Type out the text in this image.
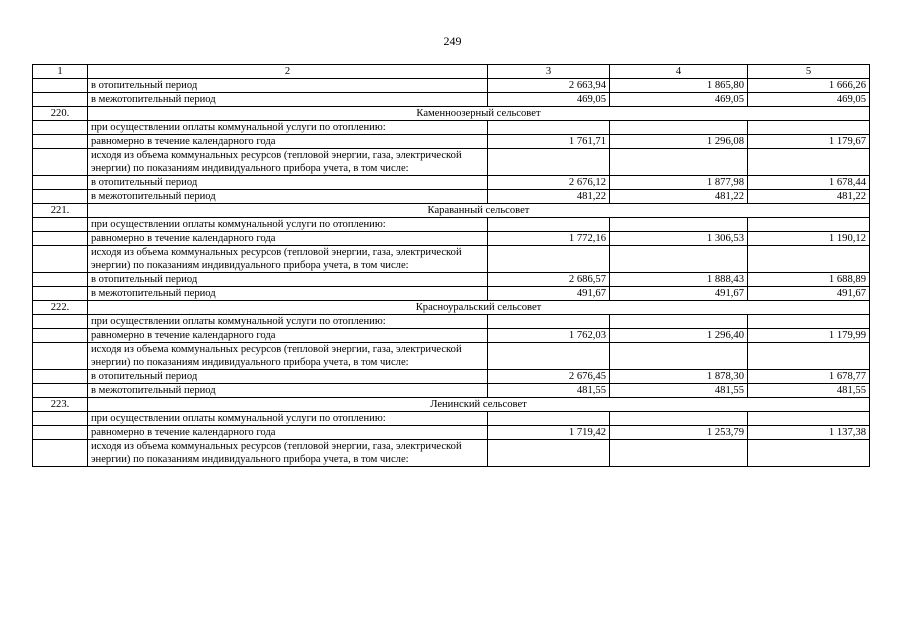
249
1	2	3	4	5
	в отопительный период	2 663,94	1 865,80	1 666,26
	в межотопительный период	469,05	469,05	469,05
220.	Каменноозерный сельсовет			
	при осуществлении оплаты коммунальной услуги по отоплению:			
	равномерно в течение календарного года	1 761,71	1 296,08	1 179,67
	исходя из объема коммунальных ресурсов (тепловой энергии, газа, электрической энергии) по показаниям индивидуального прибора учета, в том числе:			
	в отопительный период	2 676,12	1 877,98	1 678,44
	в межотопительный период	481,22	481,22	481,22
221.	Караванный сельсовет			
	при осуществлении оплаты коммунальной услуги по отоплению:			
	равномерно в течение календарного года	1 772,16	1 306,53	1 190,12
	исходя из объема коммунальных ресурсов (тепловой энергии, газа, электрической энергии) по показаниям индивидуального прибора учета, в том числе:			
	в отопительный период	2 686,57	1 888,43	1 688,89
	в межотопительный период	491,67	491,67	491,67
222.	Красноуральский сельсовет			
	при осуществлении оплаты коммунальной услуги по отоплению:			
	равномерно в течение календарного года	1 762,03	1 296,40	1 179,99
	исходя из объема коммунальных ресурсов (тепловой энергии, газа, электрической энергии) по показаниям индивидуального прибора учета, в том числе:			
	в отопительный период	2 676,45	1 878,30	1 678,77
	в межотопительный период	481,55	481,55	481,55
223.	Ленинский сельсовет			
	при осуществлении оплаты коммунальной услуги по отоплению:			
	равномерно в течение календарного года	1 719,42	1 253,79	1 137,38
	исходя из объема коммунальных ресурсов (тепловой энергии, газа, электрической энергии) по показаниям индивидуального прибора учета, в том числе:			
